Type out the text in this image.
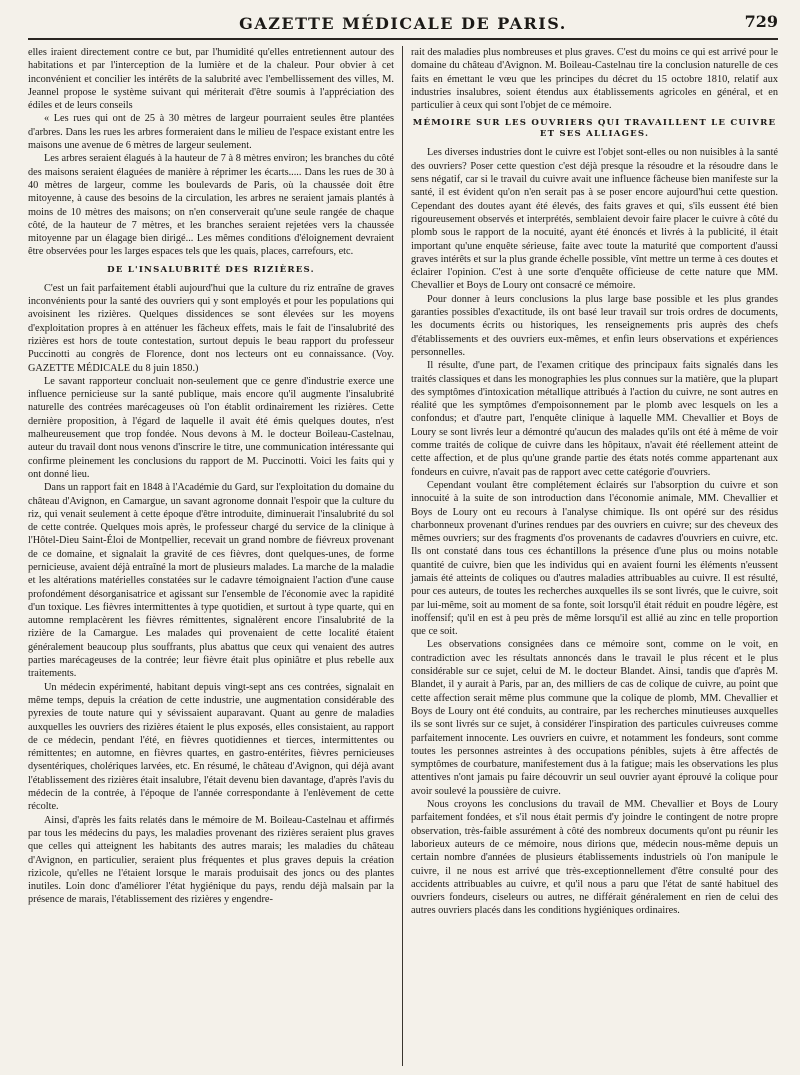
GAZETTE MÉDICALE DE PARIS.	729

elles iraient directement contre ce but, par l'humidité qu'elles entretiennent autour des habitations et par l'interception de la lumière et de la chaleur. Pour obvier à cet inconvénient et concilier les intérêts de la salubrité avec l'embellissement des villes, M. Jeannel propose le système suivant qui mériterait d'être soumis à l'appréciation des édiles et de leurs conseils

« Les rues qui ont de 25 à 30 mètres de largeur pourraient seules être plantées d'arbres. Dans les rues les arbres formeraient dans le milieu de l'espace existant entre les maisons une avenue de 6 mètres de largeur seulement.

Les arbres seraient élagués à la hauteur de 7 à 8 mètres environ; les branches du côté des maisons seraient élaguées de manière à réprimer les écarts..... Dans les rues de 30 à 40 mètres de largeur, comme les boulevards de Paris, où la chaussée doit être mitoyenne, à cause des besoins de la circulation, les arbres ne seraient jamais plantés à moins de 10 mètres des maisons; on n'en conserverait qu'une seule rangée de chaque côté, de la hauteur de 7 mètres, et les branches seraient rejetées vers la chaussée mitoyenne par un élagage bien dirigé... Les mêmes conditions d'éloignement devraient être observées pour les larges espaces tels que les quais, places, carrefours, etc.

DE L'INSALUBRITÉ DES RIZIÈRES.

C'est un fait parfaitement établi aujourd'hui que la culture du riz entraîne de graves inconvénients pour la santé des ouvriers qui y sont employés et pour les populations qui avoisinent les rizières. Quelques dissidences se sont élevées sur les moyens d'exploitation propres à en atténuer les fâcheux effets, mais le fait de l'insalubrité des rizières est hors de toute contestation, surtout depuis le beau rapport du professeur Puccinotti au congrès de Florence, dont nos lecteurs ont eu connaissance. (Voy. GAZETTE MÉDICALE du 8 juin 1850.)

Le savant rapporteur concluait non-seulement que ce genre d'industrie exerce une influence pernicieuse sur la santé publique, mais encore qu'il augmente l'insalubrité naturelle des contrées marécageuses où l'on établit ordinairement les rizières. Cette dernière proposition, à l'égard de laquelle il avait été émis quelques doutes, n'est malheureusement que trop fondée. Nous devons à M. le docteur Boileau-Castelnau, auteur du travail dont nous venons d'inscrire le titre, une communication intéressante qui confirme pleinement les conclusions du rapport de M. Puccinotti. Voici les faits qui y ont donné lieu.

Dans un rapport fait en 1848 à l'Académie du Gard, sur l'exploitation du domaine du château d'Avignon, en Camargue, un savant agronome donnait l'espoir que la culture du riz, qui venait seulement à cette époque d'être introduite, diminuerait l'insalubrité du sol de cette contrée. Quelques mois après, le professeur chargé du service de la clinique à l'Hôtel-Dieu Saint-Éloi de Montpellier, recevait un grand nombre de fiévreux provenant de ce domaine, et signalait la gravité de ces fièvres, dont quelques-unes, de forme pernicieuse, avaient déjà entraîné la mort de plusieurs malades. La marche de la maladie et les altérations matérielles constatées sur le cadavre témoignaient l'action d'une cause profondément désorganisatrice et agissant sur l'ensemble de l'économie avec la rapidité d'un toxique. Les fièvres intermittentes à type quotidien, et surtout à type quarte, qui en automne remplacèrent les fièvres rémittentes, signalèrent encore l'insalubrité de la rizière de la Camargue. Les malades qui provenaient de cette localité étaient généralement beaucoup plus souffrants, plus abattus que ceux qui venaient des autres parties marécageuses de la contrée; leur fièvre était plus opiniâtre et plus rebelle aux traitements.

Un médecin expérimenté, habitant depuis vingt-sept ans ces contrées, signalait en même temps, depuis la création de cette industrie, une augmentation considérable des pyrexies de toute nature qui y sévissaient auparavant. Quant au genre de maladies auxquelles les ouvriers des rizières étaient le plus exposés, elles consistaient, au rapport de ce médecin, pendant l'été, en fièvres quotidiennes et tierces, intermittentes ou rémittentes; en automne, en fièvres quartes, en gastro-entérites, fièvres pernicieuses dysentériques, cholériques larvées, etc. En résumé, le château d'Avignon, qui déjà avant l'établissement des rizières était insalubre, l'était devenu bien davantage, d'après l'avis du médecin de la contrée, à l'époque de l'année correspondante à l'enlèvement de cette récolte.

Ainsi, d'après les faits relatés dans le mémoire de M. Boileau-Castelnau et affirmés par tous les médecins du pays, les maladies provenant des rizières seraient plus graves que celles qui atteignent les habitants des autres marais; les maladies du château d'Avignon, en particulier, seraient plus fréquentes et plus graves depuis la création rizicole, qu'elles ne l'étaient lorsque le marais produisait des joncs ou des plantes inutiles. Loin donc d'améliorer l'état hygiénique du pays, rendu déjà malsain par la présence de marais, l'établissement des rizières y engendre-

rait des maladies plus nombreuses et plus graves. C'est du moins ce qui est arrivé pour le domaine du château d'Avignon. M. Boileau-Castelnau tire la conclusion naturelle de ces faits en émettant le vœu que les principes du décret du 15 octobre 1810, relatif aux industries insalubres, soient étendus aux établissements agricoles en général, et en particulier à ceux qui sont l'objet de ce mémoire.

MÉMOIRE SUR LES OUVRIERS QUI TRAVAILLENT LE CUIVRE ET SES ALLIAGES.

Les diverses industries dont le cuivre est l'objet sont-elles ou non nuisibles à la santé des ouvriers? Poser cette question c'est déjà presque la résoudre et la résoudre dans le sens négatif, car si le travail du cuivre avait une influence fâcheuse bien manifeste sur la santé, il est évident qu'on n'en serait pas à se poser encore aujourd'hui cette question. Cependant des doutes ayant été élevés, des faits graves et qui, s'ils eussent été bien rigoureusement observés et interprétés, semblaient devoir faire placer le cuivre à côté du plomb sous le rapport de la nocuité, ayant été énoncés et livrés à la publicité, il était important qu'une enquête sérieuse, faite avec toute la maturité que comportent d'aussi graves intérêts et sur la plus grande échelle possible, vînt mettre un terme à ces doutes et éclairer l'opinion. C'est à une sorte d'enquête officieuse de cette nature que MM. Chevallier et Boys de Loury ont consacré ce mémoire.

Pour donner à leurs conclusions la plus large base possible et les plus grandes garanties possibles d'exactitude, ils ont basé leur travail sur trois ordres de documents, les documents écrits ou historiques, les renseignements pris auprès des chefs d'établissements et des ouvriers eux-mêmes, et enfin leurs observations et expériences personnelles.

Il résulte, d'une part, de l'examen critique des principaux faits signalés dans les traités classiques et dans les monographies les plus connues sur la matière, que la plupart des symptômes d'intoxication métallique attribués à l'action du cuivre, ne sont autres en réalité que les symptômes d'empoisonnement par le plomb avec lesquels on les a confondus; et d'autre part, l'enquête clinique à laquelle MM. Chevallier et Boys de Loury se sont livrés leur a démontré qu'aucun des malades qu'ils ont été à même de voir comme traités de colique de cuivre dans les hôpitaux, n'avait été réellement atteint de cette affection, et de plus qu'une grande partie des états notés comme appartenant aux fondeurs en cuivre, n'avait pas de rapport avec cette catégorie d'ouvriers.

Cependant voulant être complétement éclairés sur l'absorption du cuivre et son innocuité à la suite de son introduction dans l'économie animale, MM. Chevallier et Boys de Loury ont eu recours à l'analyse chimique. Ils ont opéré sur des résidus charbonneux provenant d'urines rendues par des ouvriers en cuivre; sur des cheveux des mêmes ouvriers; sur des fragments d'os provenants de cadavres d'ouvriers en cuivre, etc. Ils ont constaté dans tous ces échantillons la présence d'une plus ou moins notable quantité de cuivre, bien que les individus qui en avaient fourni les éléments n'eussent jamais été atteints de coliques ou d'autres maladies attribuables au cuivre. Il est résulté, pour ces auteurs, de toutes les recherches auxquelles ils se sont livrés, que le cuivre, soit par lui-même, soit au moment de sa fonte, soit lorsqu'il était réduit en poudre légère, est inoffensif; qu'il en est à peu près de même lorsqu'il est allié au zinc en telle proportion que ce soit.

Les observations consignées dans ce mémoire sont, comme on le voit, en contradiction avec les résultats annoncés dans le travail le plus récent et le plus considérable sur ce sujet, celui de M. le docteur Blandet. Ainsi, tandis que d'après M. Blandet, il y aurait à Paris, par an, des milliers de cas de colique de cuivre, au point que cette affection serait même plus commune que la colique de plomb, MM. Chevallier et Boys de Loury ont été conduits, au contraire, par les recherches minutieuses auxquelles ils se sont livrés sur ce sujet, à considérer l'inspiration des particules cuivreuses comme parfaitement innocente. Les ouvriers en cuivre, et notamment les fondeurs, sont comme toutes les personnes astreintes à des occupations pénibles, sujets à être affectés de symptômes de courbature, manifestement dus à la fatigue; mais les observations les plus attentives n'ont jamais pu faire découvrir un seul ouvrier ayant éprouvé la colique pour avoir soulevé la poussière de cuivre.

Nous croyons les conclusions du travail de MM. Chevallier et Boys de Loury parfaitement fondées, et s'il nous était permis d'y joindre le contingent de notre propre observation, très-faible assurément à côté des nombreux documents qu'ont pu réunir les laborieux auteurs de ce mémoire, nous dirions que, médecin nous-même depuis un certain nombre d'années de plusieurs établissements industriels où l'on manipule le cuivre, il ne nous est arrivé que très-exceptionnellement d'être consulté pour des accidents attribuables au cuivre, et qu'il nous a paru que l'état de santé habituel des ouvriers fondeurs, ciseleurs ou autres, ne différait généralement en rien de celui des autres ouvriers placés dans les conditions hygiéniques ordinaires.
